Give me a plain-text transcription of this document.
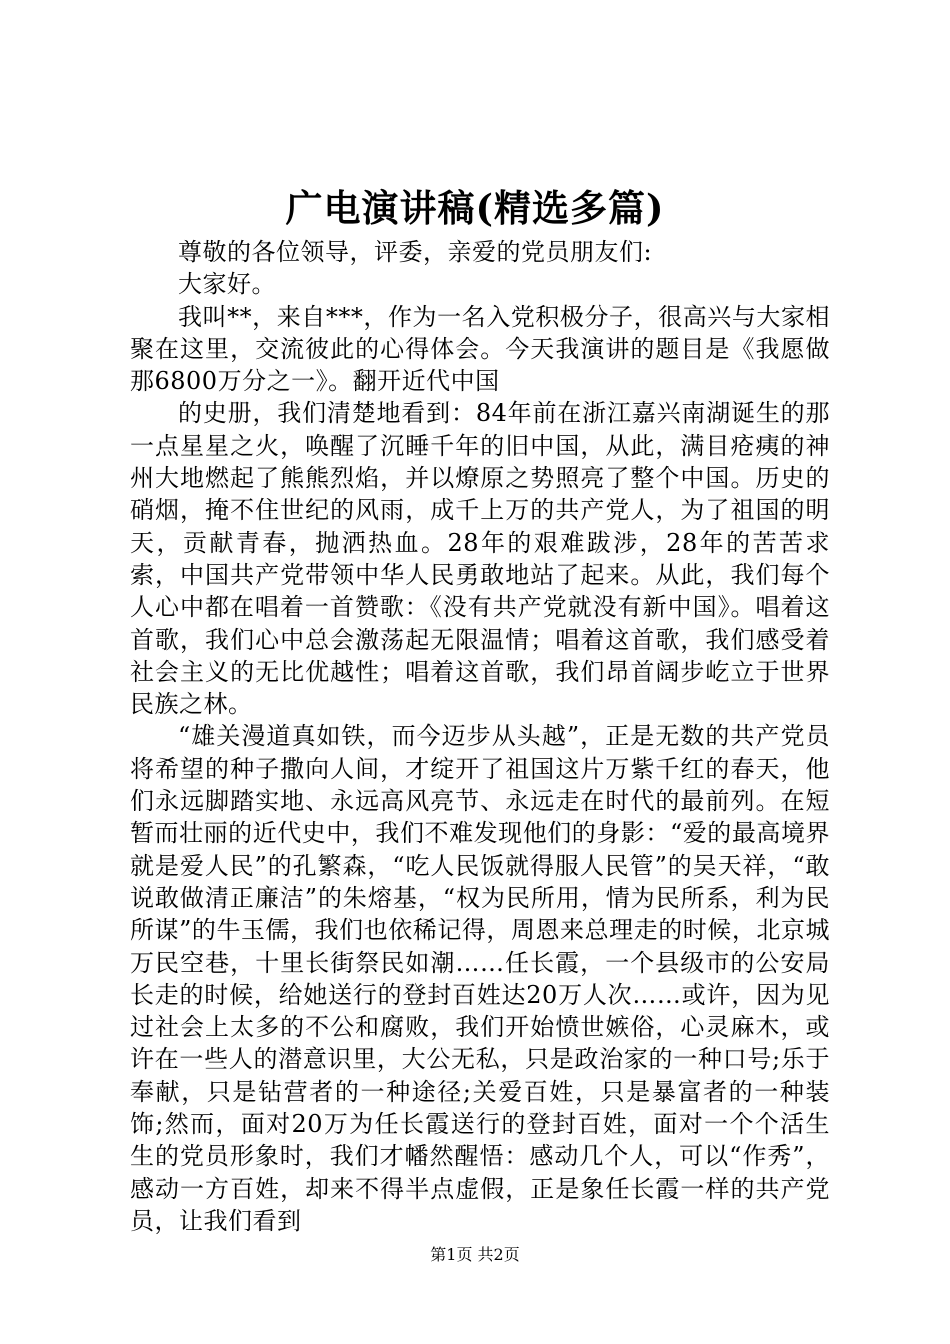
广电演讲稿(精选多篇)

尊敬的各位领导，评委，亲爱的党员朋友们:

大家好。

我叫**，来自***，作为一名入党积极分子，很高兴与大家相聚在这里，交流彼此的心得体会。今天我演讲的题目是《我愿做那6800万分之一》。翻开近代中国

的史册，我们清楚地看到：84年前在浙江嘉兴南湖诞生的那一点星星之火，唤醒了沉睡千年的旧中国，从此，满目疮痍的神州大地燃起了熊熊烈焰，并以燎原之势照亮了整个中国。历史的硝烟，掩不住世纪的风雨，成千上万的共产党人，为了祖国的明天，贡献青春，抛洒热血。28年的艰难跋涉，28年的苦苦求索，中国共产党带领中华人民勇敢地站了起来。从此，我们每个人心中都在唱着一首赞歌：《没有共产党就没有新中国》。唱着这首歌，我们心中总会激荡起无限温情；唱着这首歌，我们感受着社会主义的无比优越性；唱着这首歌，我们昂首阔步屹立于世界民族之林。

“雄关漫道真如铁，而今迈步从头越”，正是无数的共产党员将希望的种子撒向人间，才绽开了祖国这片万紫千红的春天，他们永远脚踏实地、永远高风亮节、永远走在时代的最前列。在短暂而壮丽的近代史中，我们不难发现他们的身影：“爱的最高境界就是爱人民”的孔繁森，“吃人民饭就得服人民管”的吴天祥，“敢说敢做清正廉洁”的朱熔基，“权为民所用，情为民所系，利为民所谋”的牛玉儒，我们也依稀记得，周恩来总理走的时候，北京城万民空巷，十里长街祭民如潮……任长霞，一个县级市的公安局长走的时候，给她送行的登封百姓达20万人次……或许，因为见过社会上太多的不公和腐败，我们开始愤世嫉俗，心灵麻木，或许在一些人的潜意识里，大公无私，只是政治家的一种口号;乐于奉献，只是钻营者的一种途径;关爱百姓，只是暴富者的一种装饰;然而，面对20万为任长霞送行的登封百姓，面对一个个活生生的党员形象时，我们才幡然醒悟：感动几个人，可以“作秀”，感动一方百姓，却来不得半点虚假，正是象任长霞一样的共产党员，让我们看到

第1页 共2页
